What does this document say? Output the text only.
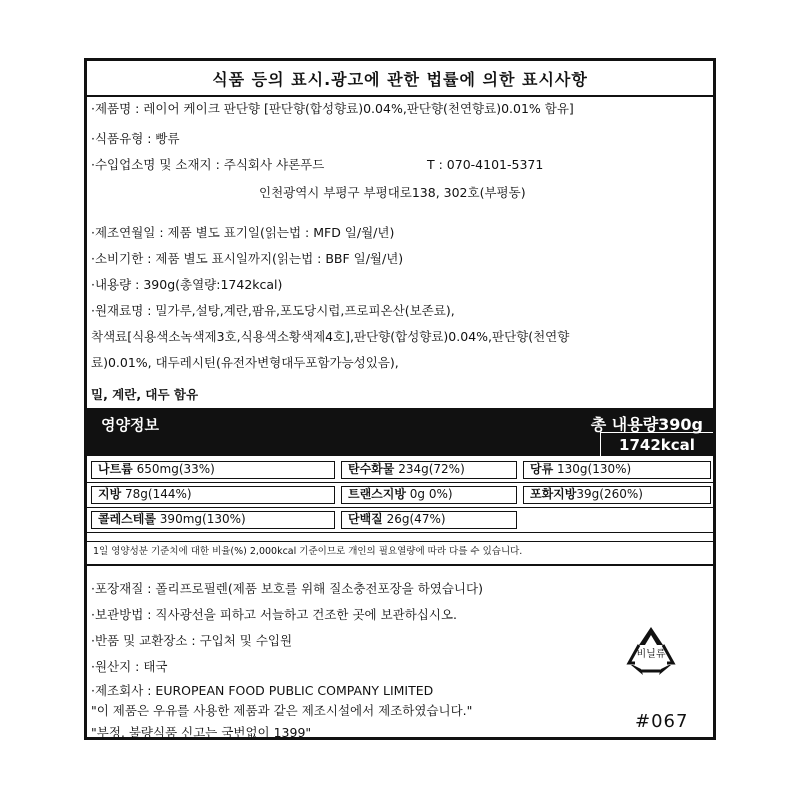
식품 등의 표시.광고에 관한 법률에 의한 표시사항
·제품명 : 레이어 케이크 판단향 [판단향(합성향료)0.04%,판단향(천연향료)0.01% 함유]
·식품유형 : 빵류
·수입업소명 및 소재지 : 주식회사 샤론푸드	T : 070-4101-5371
인천광역시 부평구 부평대로138, 302호(부평동)
·제조연월일 : 제품 별도 표기일(읽는법 : MFD 일/월/년)
·소비기한 : 제품 별도 표시일까지(읽는법 : BBF 일/월/년)
·내용량 : 390g(총열량:1742kcal)
·원재료명 : 밀가루,설탕,계란,팜유,포도당시럽,프로피온산(보존료),
착색료[식용색소녹색제3호,식용색소황색제4호],판단향(합성향료)0.04%,판단향(천연향
료)0.01%, 대두레시틴(유전자변형대두포함가능성있음),
밀, 계란, 대두 함유
영양정보	총 내용량390g
1742kcal
나트륨 650mg(33%)	탄수화물 234g(72%)	당류 130g(130%)
지방 78g(144%)	트랜스지방 0g 0%)	포화지방39g(260%)
콜레스테롤 390mg(130%)	단백질 26g(47%)
1일 영양성분 기준치에 대한 비율(%) 2,000kcal 기준이므로 개인의 필요열량에 따라 다를 수 있습니다.
·포장재질 : 폴리프로필렌(제품 보호를 위해 질소충전포장을 하였습니다)
·보관방법 : 직사광선을 피하고 서늘하고 건조한 곳에 보관하십시오.
·반품 및 교환장소 : 구입처 및 수입원
·원산지 : 태국
·제조회사 : EUROPEAN FOOD PUBLIC COMPANY LIMITED
"이 제품은 우유를 사용한 제품과 같은 제조시설에서 제조하였습니다."
"부정, 불량식품 신고는 국번없이 1399"
비닐류
#067
